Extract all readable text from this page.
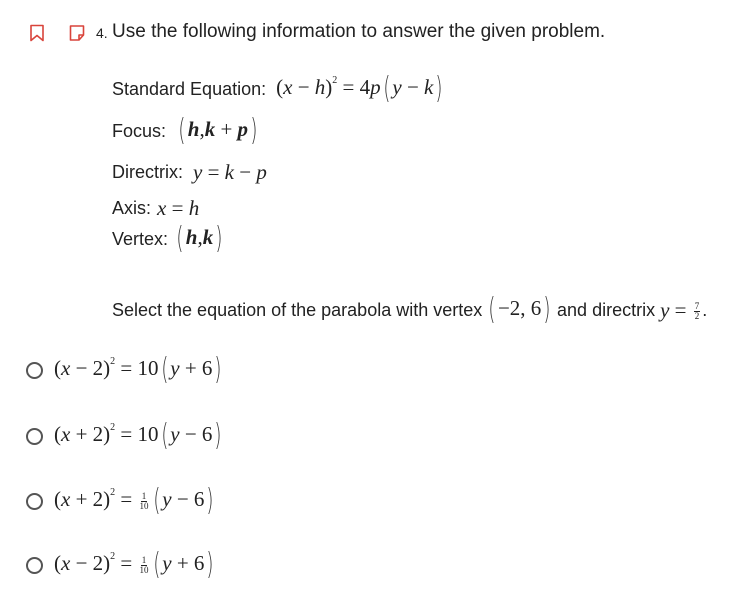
4. Use the following information to answer the given problem.
Standard Equation: $(x - h)^2 = 4p$( y − k)
Focus: ( h,k + p)
Directrix: y = k − p
Axis: x = h
Vertex: ( h,k)
Select the equation of the parabola with vertex ( −2, 6) and directrix $y = \frac{7}{2}$ .
$(x - 2)^2 = 10$( y + 6)
$(x + 2)^2 = 10$( y − 6)
$(x + 2)^2 = \frac{1}{10}$ ( y − 6)
$(x - 2)^2 = \frac{1}{10}$ ( y + 6)
